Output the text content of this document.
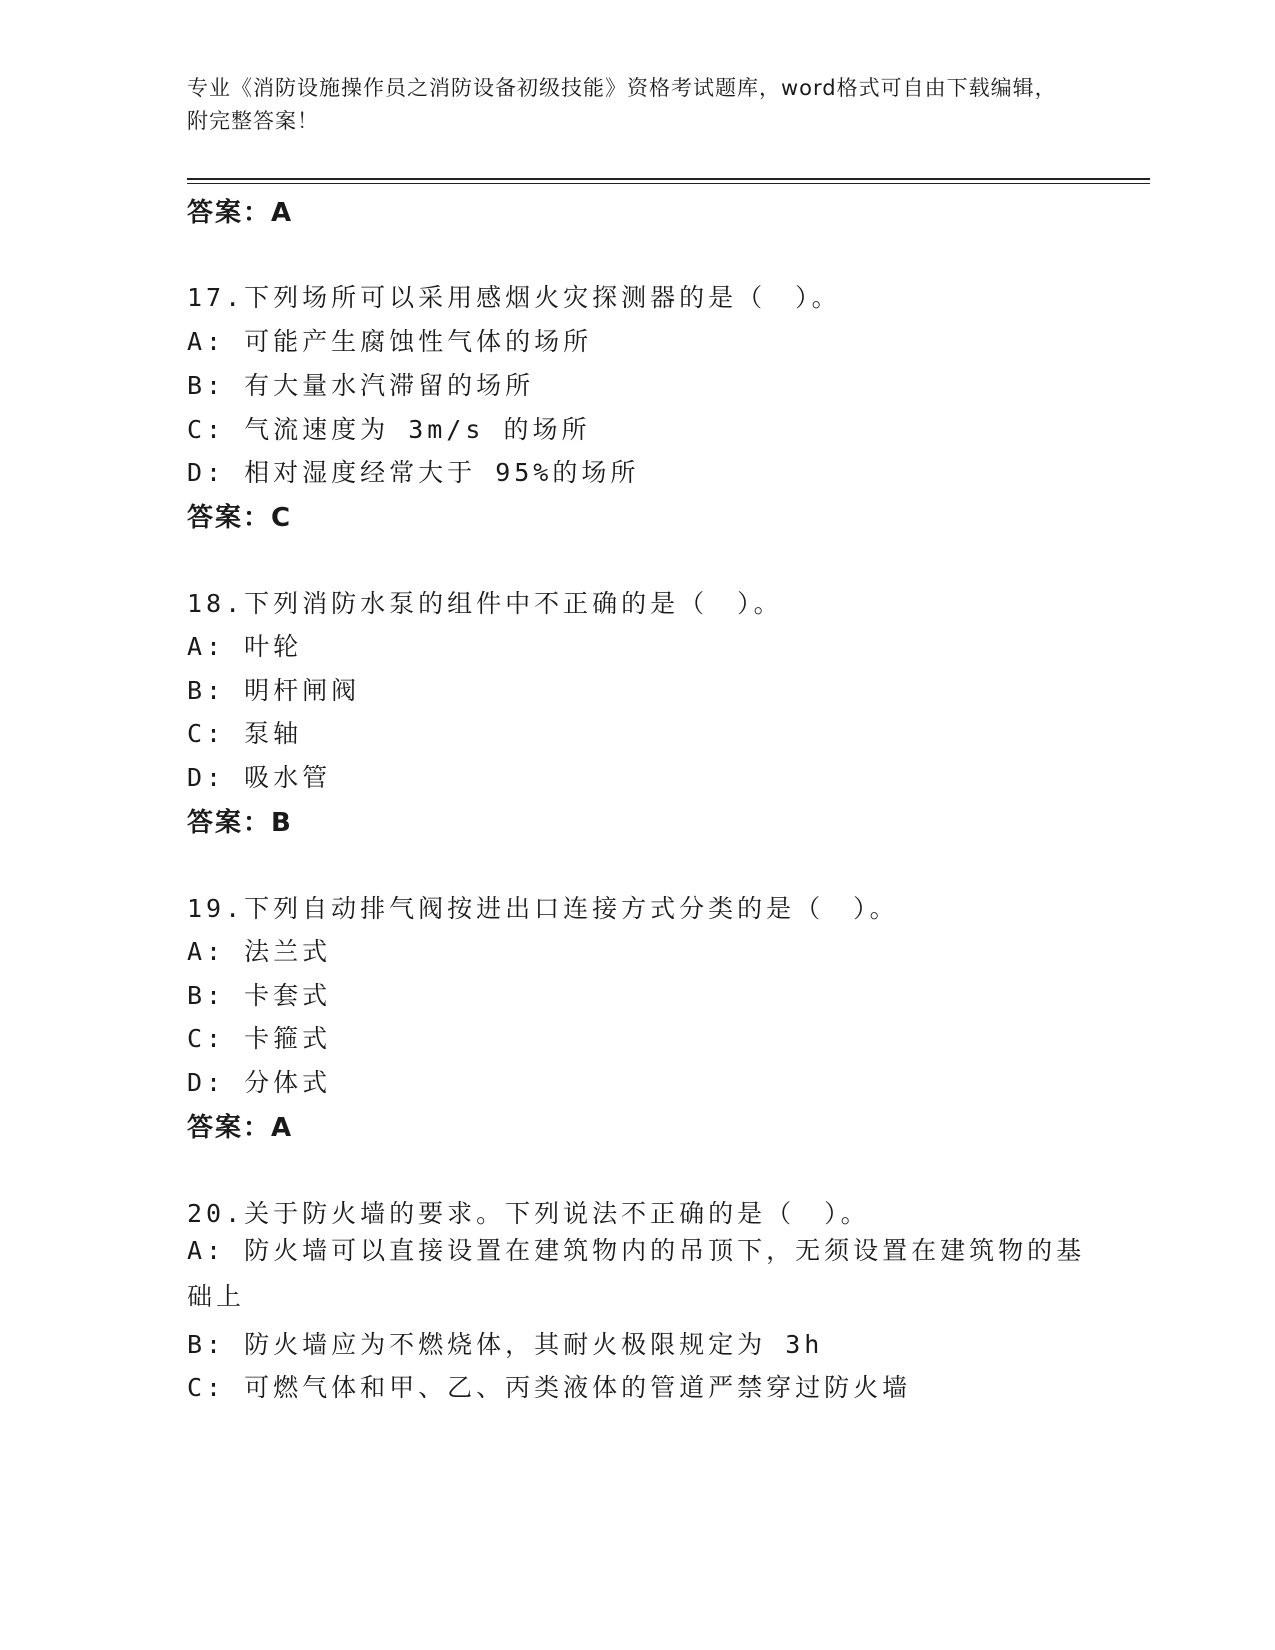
专业《消防设施操作员之消防设备初级技能》资格考试题库，word格式可自由下载编辑，附完整答案！
答案：A
17.下列场所可以采用感烟火灾探测器的是（　）。
A: 可能产生腐蚀性气体的场所
B: 有大量水汽滞留的场所
C: 气流速度为 3m/s 的场所
D: 相对湿度经常大于 95%的场所
答案：C
18.下列消防水泵的组件中不正确的是（　）。
A: 叶轮
B: 明杆闸阀
C: 泵轴
D: 吸水管
答案：B
19.下列自动排气阀按进出口连接方式分类的是（　）。
A: 法兰式
B: 卡套式
C: 卡箍式
D: 分体式
答案：A
20.关于防火墙的要求。下列说法不正确的是（　）。
A: 防火墙可以直接设置在建筑物内的吊顶下，无须设置在建筑物的基础上
B: 防火墙应为不燃烧体，其耐火极限规定为 3h
C: 可燃气体和甲、乙、丙类液体的管道严禁穿过防火墙
